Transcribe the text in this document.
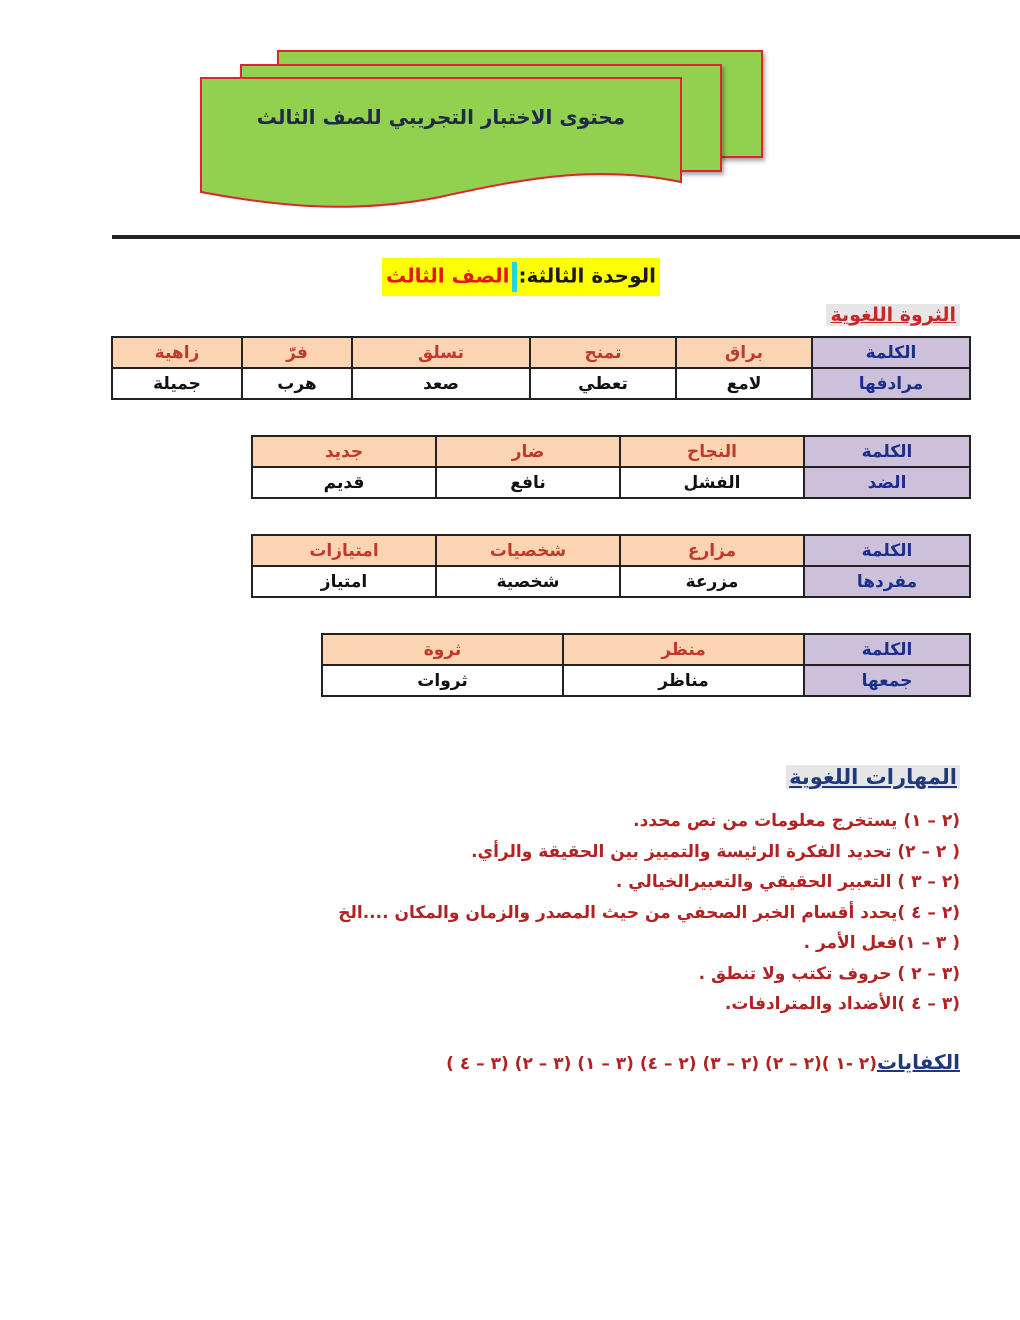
محتوى الاختبار التجريبي للصف الثالث
الوحدة الثالثة:الصف الثالث
الثروة اللغوية
الكلمة	براق	تمنح	تسلق	فرّ	زاهية
مرادفها	لامع	تعطي	صعد	هرب	جميلة
الكلمة	النجاح	ضار	جديد
الضد	الفشل	نافع	قديم
الكلمة	مزارع	شخصيات	امتيازات
مفردها	مزرعة	شخصية	امتياز
الكلمة	منظر	ثروة
جمعها	مناظر	ثروات
المهارات اللغوية
(٢ – ١) يستخرج معلومات من نص محدد.
( ٢ – ٢) تحديد الفكرة الرئيسة والتمييز بين الحقيقة والرأي.
(٢ – ٣ ) التعبير الحقيقي والتعبيرالخيالي .
(٢ – ٤ )يحدد أقسام الخبر الصحفي من حيث المصدر والزمان والمكان ....الخ
( ٣ – ١)فعل الأمر .
(٣ – ٢ ) حروف تكتب ولا تنطق .
(٣ – ٤ )الأضداد والمترادفات.
الكفايات(٢ -١ )(٢ – ٢) (٢ – ٣) (٢ – ٤) (٣ – ١) (٣ – ٢) (٣ – ٤ )
